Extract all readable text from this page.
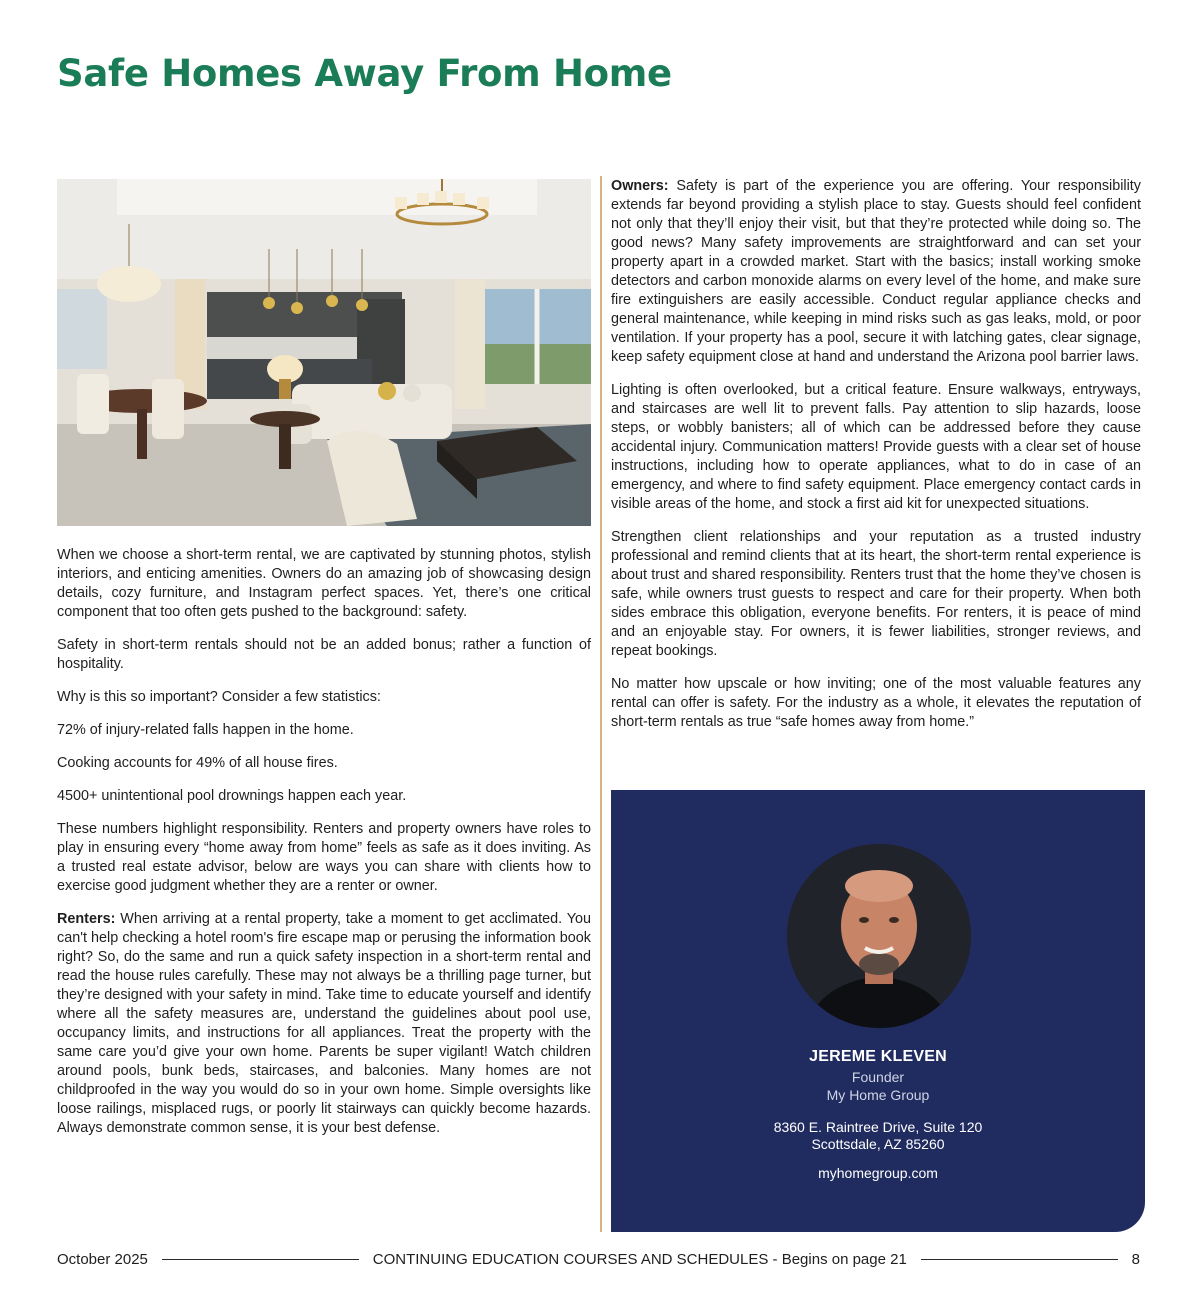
Safe Homes Away From Home

When we choose a short-term rental, we are captivated by stunning photos, stylish interiors, and enticing amenities. Owners do an amazing job of showcasing design details, cozy furniture, and Instagram perfect spaces. Yet, there’s one critical component that too often gets pushed to the background: safety.

Safety in short-term rentals should not be an added bonus; rather a function of hospitality.

Why is this so important? Consider a few statistics:

72% of injury-related falls happen in the home.

Cooking accounts for 49% of all house fires.

4500+ unintentional pool drownings happen each year.

These numbers highlight responsibility. Renters and property owners have roles to play in ensuring every “home away from home” feels as safe as it does inviting. As a trusted real estate advisor, below are ways you can share with clients how to exercise good judgment whether they are a renter or owner.

Renters: When arriving at a rental property, take a moment to get acclimated. You can't help checking a hotel room's fire escape map or perusing the information book right? So, do the same and run a quick safety inspection in a short-term rental and read the house rules carefully. These may not always be a thrilling page turner, but they’re designed with your safety in mind. Take time to educate yourself and identify where all the safety measures are, understand the guidelines about pool use, occupancy limits, and instructions for all appliances. Treat the property with the same care you’d give your own home. Parents be super vigilant! Watch children around pools, bunk beds, staircases, and balconies. Many homes are not childproofed in the way you would do so in your own home. Simple oversights like loose railings, misplaced rugs, or poorly lit stairways can quickly become hazards. Always demonstrate common sense, it is your best defense.

Owners: Safety is part of the experience you are offering. Your responsibility extends far beyond providing a stylish place to stay. Guests should feel confident not only that they’ll enjoy their visit, but that they’re protected while doing so. The good news? Many safety improvements are straightforward and can set your property apart in a crowded market. Start with the basics; install working smoke detectors and carbon monoxide alarms on every level of the home, and make sure fire extinguishers are easily accessible. Conduct regular appliance checks and general maintenance, while keeping in mind risks such as gas leaks, mold, or poor ventilation. If your property has a pool, secure it with latching gates, clear signage, keep safety equipment close at hand and understand the Arizona pool barrier laws.

Lighting is often overlooked, but a critical feature. Ensure walkways, entryways, and staircases are well lit to prevent falls. Pay attention to slip hazards, loose steps, or wobbly banisters; all of which can be addressed before they cause accidental injury. Communication matters! Provide guests with a clear set of house instructions, including how to operate appliances, what to do in case of an emergency, and where to find safety equipment. Place emergency contact cards in visible areas of the home, and stock a first aid kit for unexpected situations.

Strengthen client relationships and your reputation as a trusted industry professional and remind clients that at its heart, the short-term rental experience is about trust and shared responsibility. Renters trust that the home they’ve chosen is safe, while owners trust guests to respect and care for their property. When both sides embrace this obligation, everyone benefits. For renters, it is peace of mind and an enjoyable stay. For owners, it is fewer liabilities, stronger reviews, and repeat bookings.

No matter how upscale or how inviting; one of the most valuable features any rental can offer is safety. For the industry as a whole, it elevates the reputation of short-term rentals as true “safe homes away from home.”

JEREME KLEVEN
Founder
My Home Group
8360 E. Raintree Drive, Suite 120
Scottsdale, AZ 85260
myhomegroup.com
October 2025	CONTINUING EDUCATION COURSES AND SCHEDULES - Begins on page 21	8
